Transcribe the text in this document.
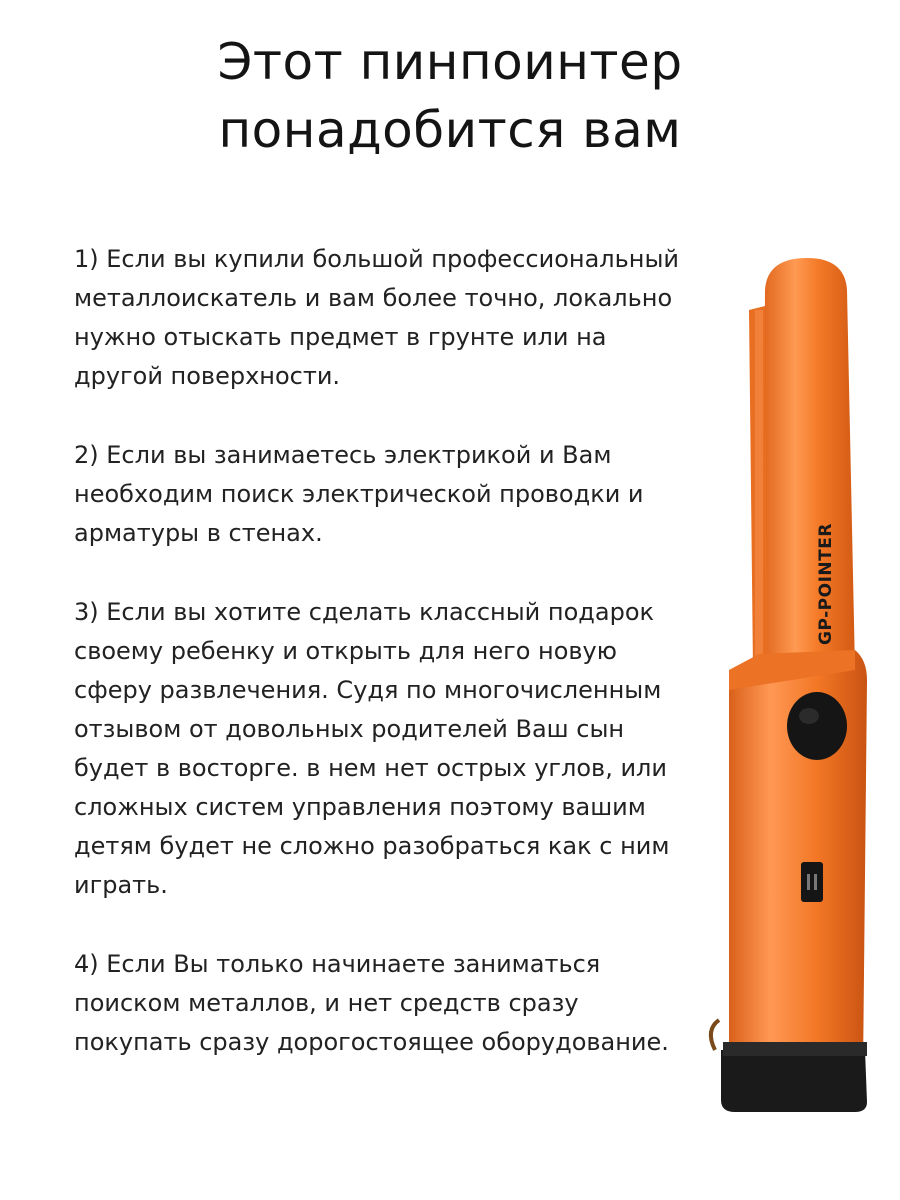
Этот пинпоинтер
понадобится вам

1) Если вы купили большой профессиональный металлоискатель и вам более точно, локально нужно отыскать предмет в грунте или на другой поверхности.

2) Если вы занимаетесь электрикой и Вам необходим поиск электрической проводки и арматуры в стенах.

3) Если вы хотите сделать классный подарок своему ребенку и открыть для него новую сферу развлечения. Судя по многочисленным отзывом от довольных родителей Ваш сын будет в восторге. в нем нет острых углов, или сложных систем управления поэтому вашим детям будет не сложно разобраться как с ним играть.

4) Если Вы только начинаете заниматься поиском металлов, и нет средств сразу покупать сразу дорогостоящее оборудование.

GP-POINTER
